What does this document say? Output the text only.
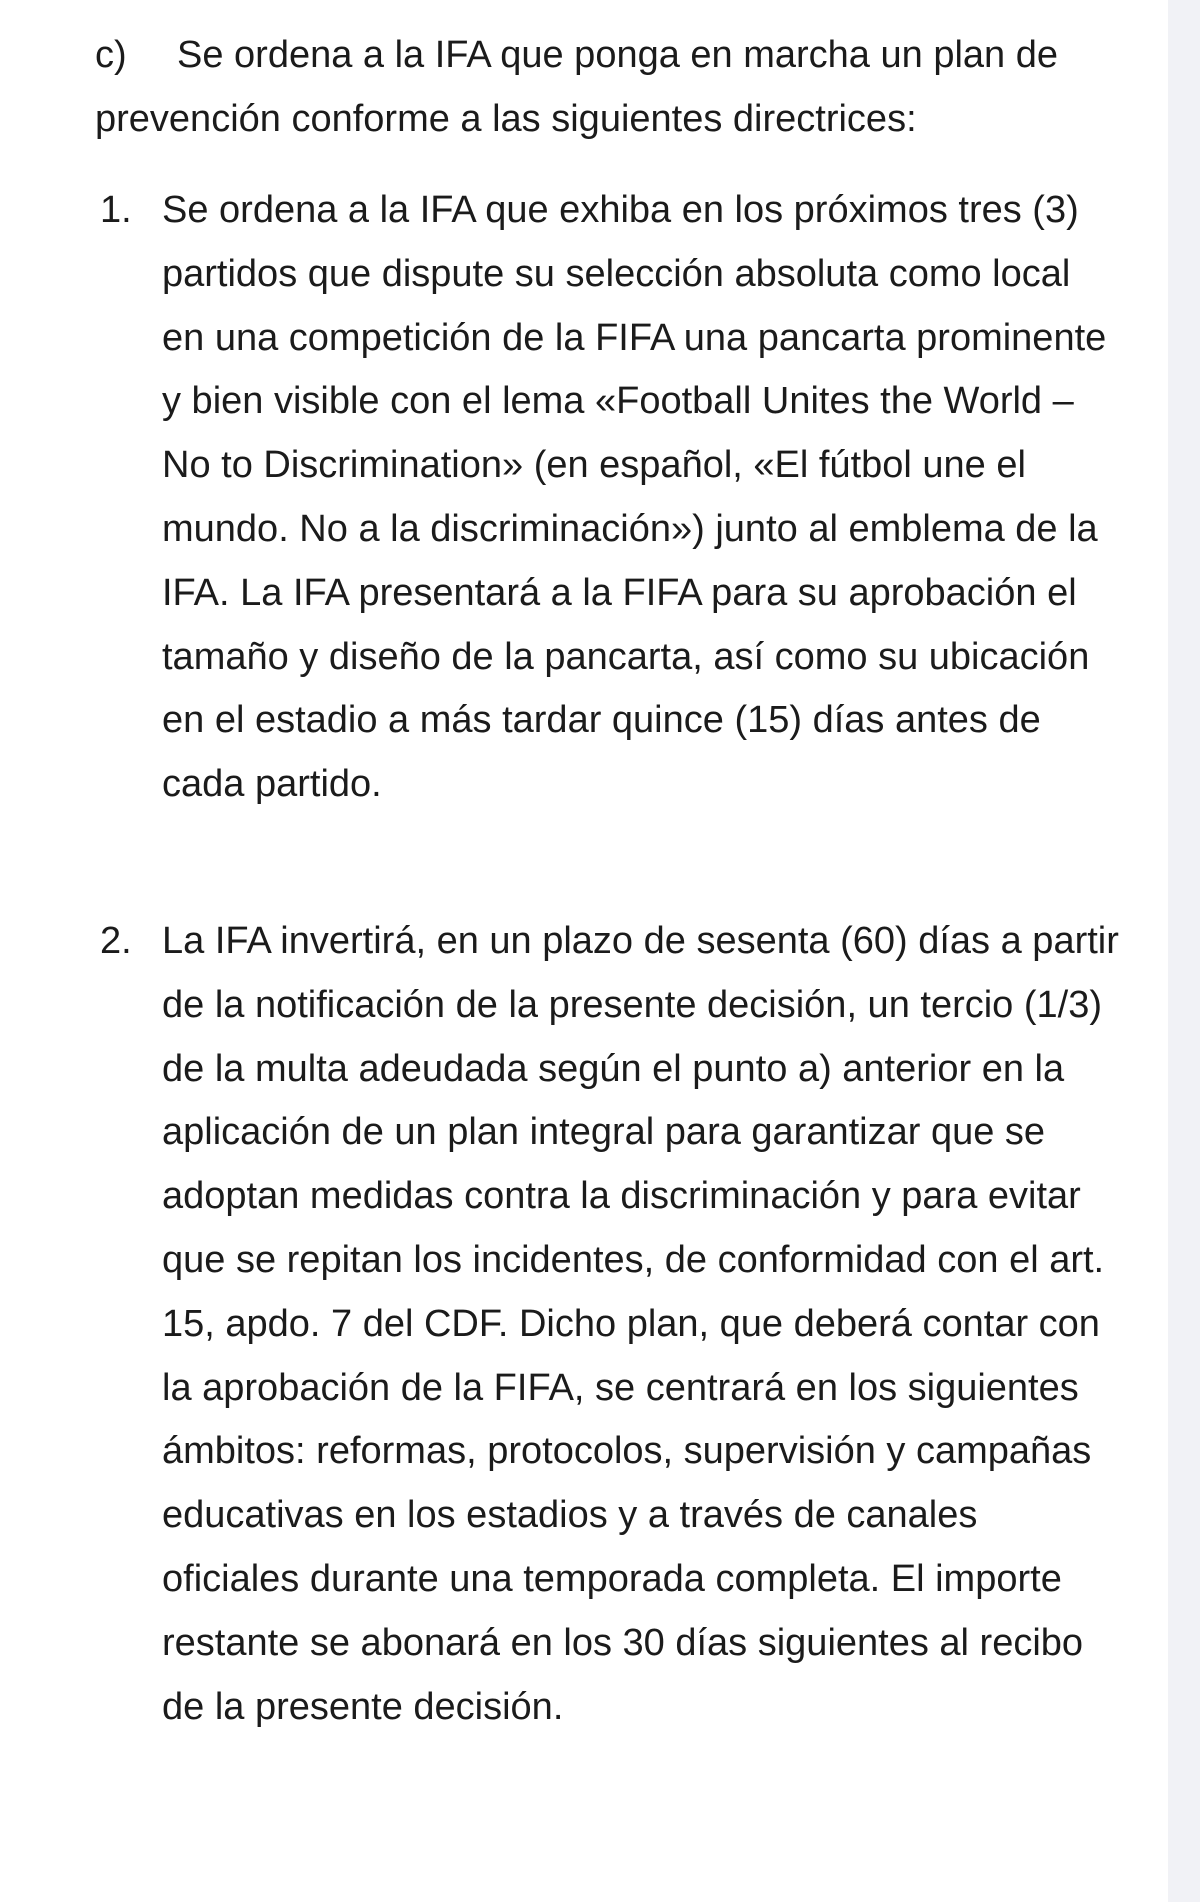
c) Se ordena a la IFA que ponga en marcha un plan de prevención conforme a las siguientes directrices:

1. Se ordena a la IFA que exhiba en los próximos tres (3) partidos que dispute su selección absoluta como local en una competición de la FIFA una pancarta prominente y bien visible con el lema «Football Unites the World – No to Discrimination» (en español, «El fútbol une el mundo. No a la discriminación») junto al emblema de la IFA. La IFA presentará a la FIFA para su aprobación el tamaño y diseño de la pancarta, así como su ubicación en el estadio a más tardar quince (15) días antes de cada partido.
2. La IFA invertirá, en un plazo de sesenta (60) días a partir de la notificación de la presente decisión, un tercio (1/3) de la multa adeudada según el punto a) anterior en la aplicación de un plan integral para garantizar que se adoptan medidas contra la discriminación y para evitar que se repitan los incidentes, de conformidad con el art. 15, apdo. 7 del CDF. Dicho plan, que deberá contar con la aprobación de la FIFA, se centrará en los siguientes ámbitos: reformas, protocolos, supervisión y campañas educativas en los estadios y a través de canales oficiales durante una temporada completa. El importe restante se abonará en los 30 días siguientes al recibo de la presente decisión.
